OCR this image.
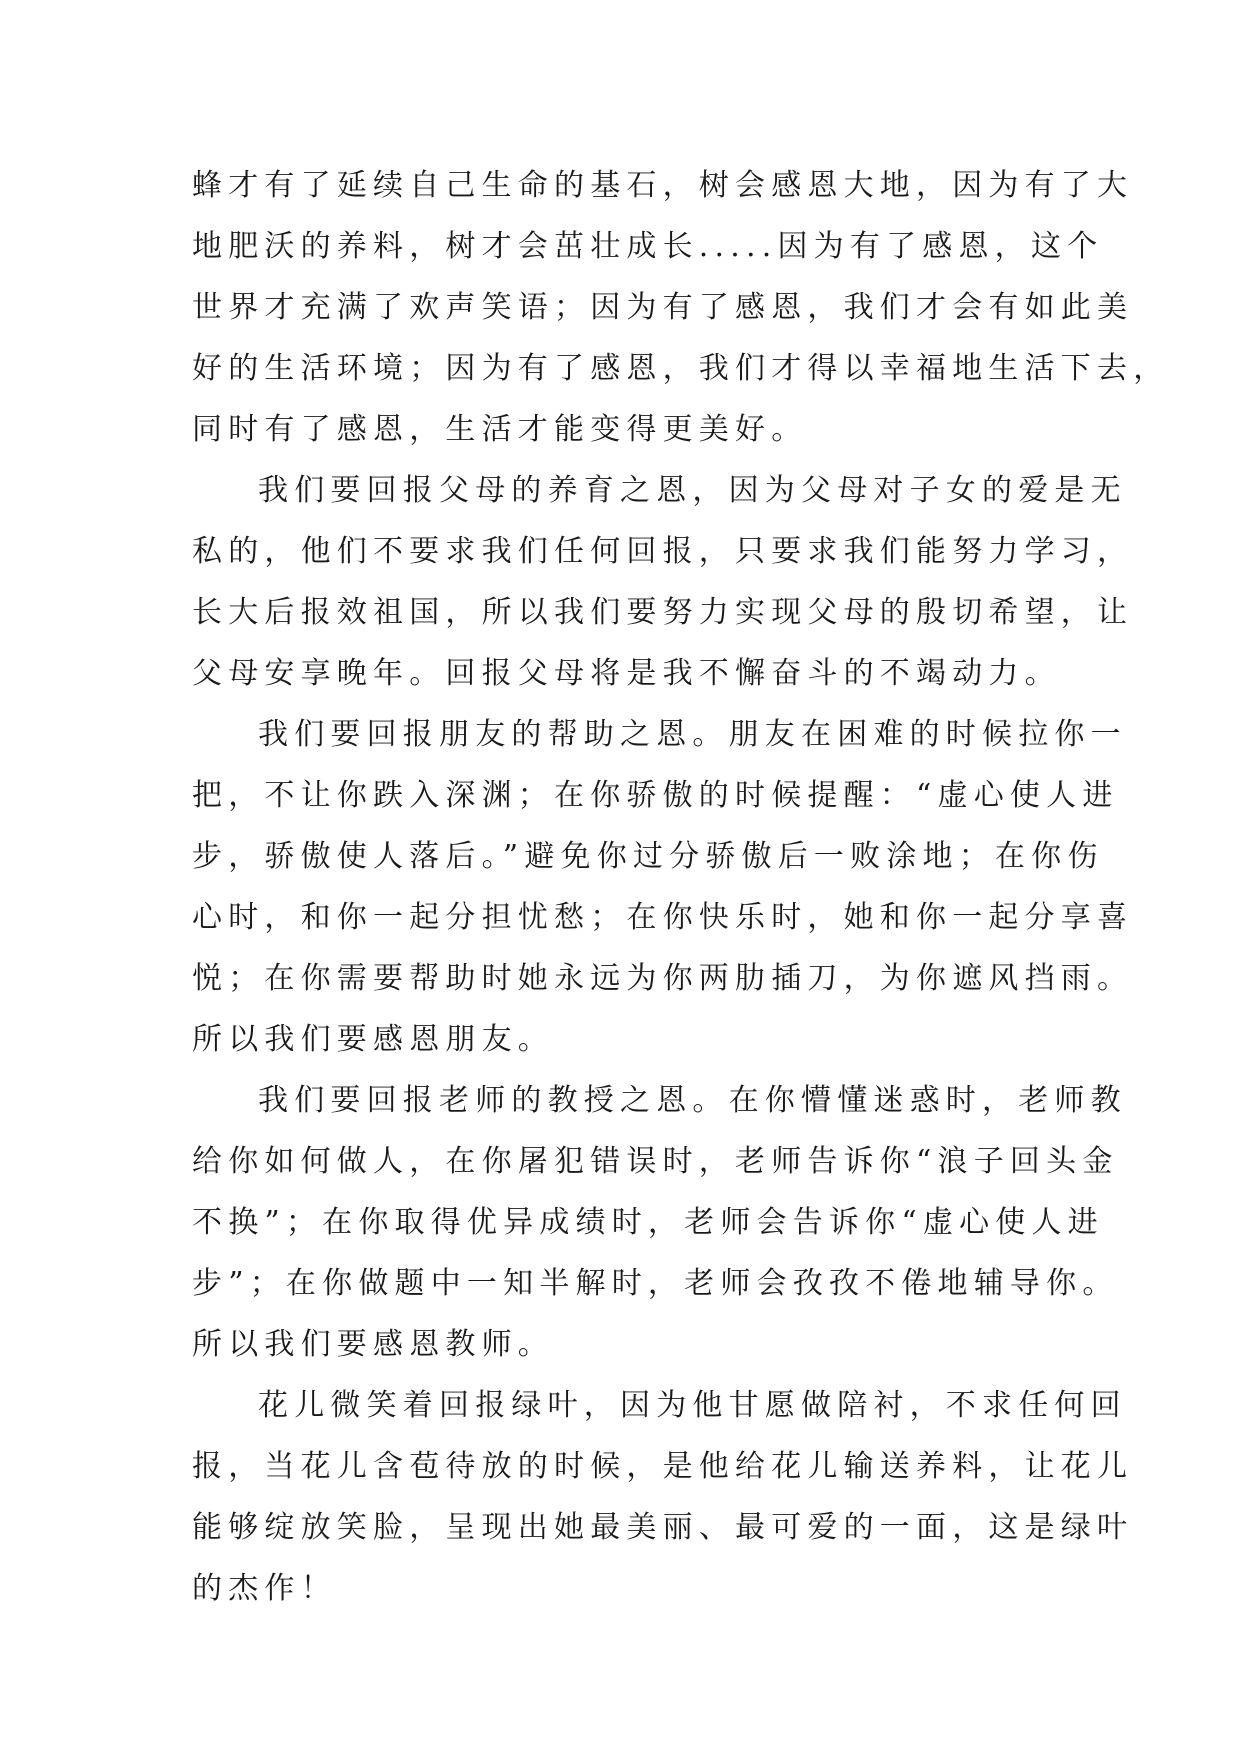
蜂才有了延续自己生命的基石，树会感恩大地，因为有了大
地肥沃的养料，树才会茁壮成长.....因为有了感恩，这个
世界才充满了欢声笑语；因为有了感恩，我们才会有如此美
好的生活环境；因为有了感恩，我们才得以幸福地生活下去，
同时有了感恩，生活才能变得更美好。

我们要回报父母的养育之恩，因为父母对子女的爱是无
私的，他们不要求我们任何回报，只要求我们能努力学习，
长大后报效祖国，所以我们要努力实现父母的殷切希望，让
父母安享晚年。回报父母将是我不懈奋斗的不竭动力。

我们要回报朋友的帮助之恩。朋友在困难的时候拉你一
把，不让你跌入深渊；在你骄傲的时候提醒：“虚心使人进
步，骄傲使人落后。”避免你过分骄傲后一败涂地；在你伤
心时，和你一起分担忧愁；在你快乐时，她和你一起分享喜
悦；在你需要帮助时她永远为你两肋插刀，为你遮风挡雨。
所以我们要感恩朋友。

我们要回报老师的教授之恩。在你懵懂迷惑时，老师教
给你如何做人，在你屠犯错误时，老师告诉你“浪子回头金
不换”；在你取得优异成绩时，老师会告诉你“虚心使人进
步”；在你做题中一知半解时，老师会孜孜不倦地辅导你。
所以我们要感恩教师。

花儿微笑着回报绿叶，因为他甘愿做陪衬，不求任何回
报，当花儿含苞待放的时候，是他给花儿输送养料，让花儿
能够绽放笑脸，呈现出她最美丽、最可爱的一面，这是绿叶
的杰作！
